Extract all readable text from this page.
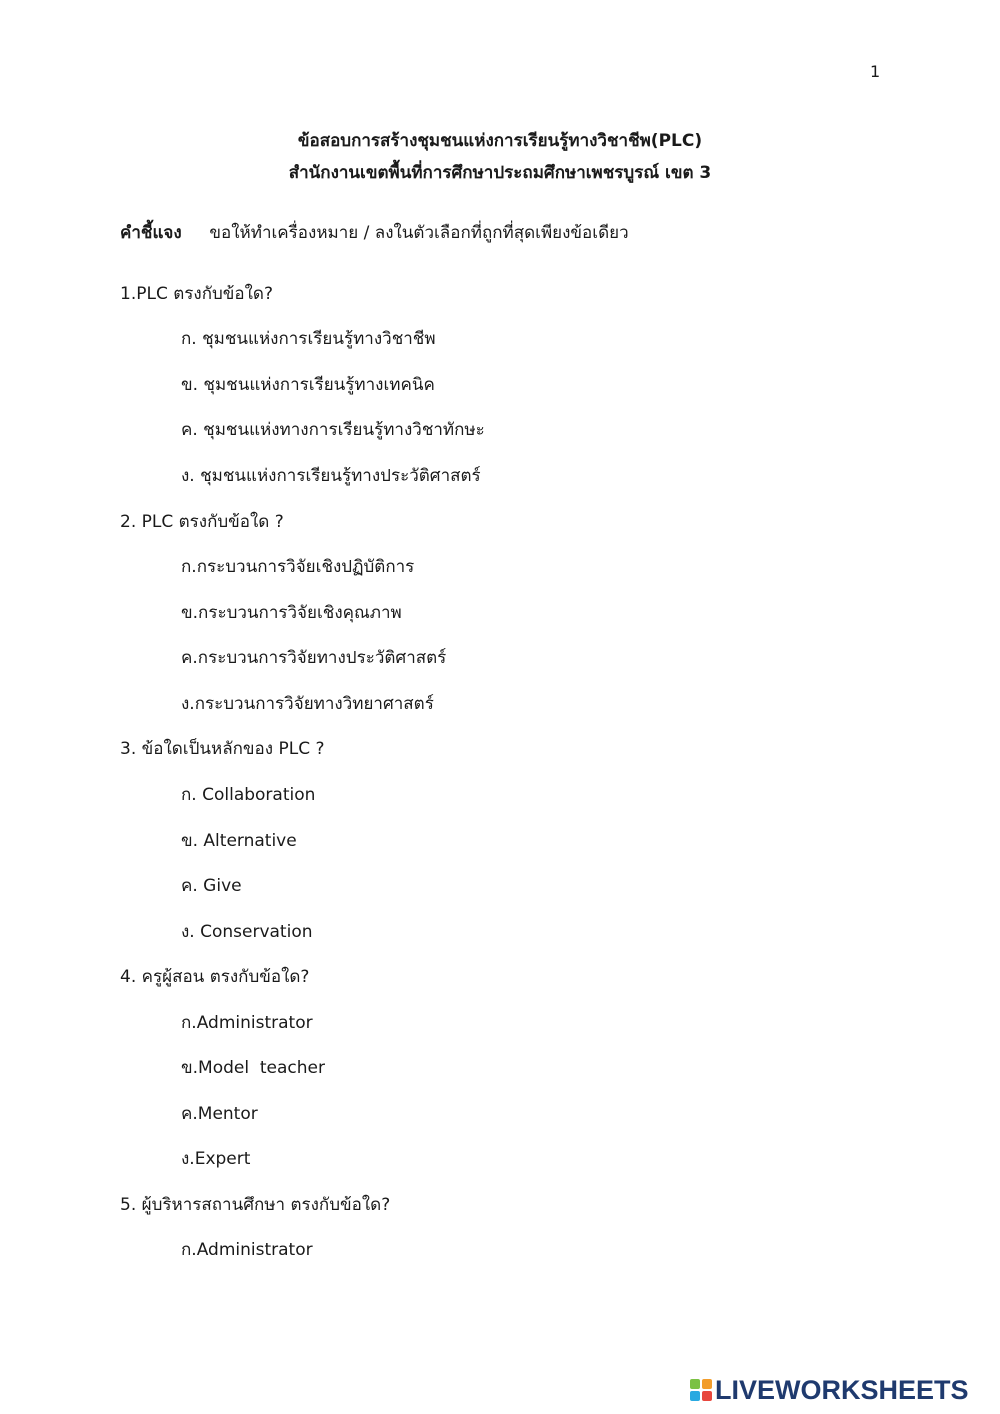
1
ข้อสอบการสร้างชุมชนแห่งการเรียนรู้ทางวิชาชีพ(PLC)
สำนักงานเขตพื้นที่การศึกษาประถมศึกษาเพชรบูรณ์ เขต 3
คำชี้แจง ขอให้ทำเครื่องหมาย / ลงในตัวเลือกที่ถูกที่สุดเพียงข้อเดียว
1.PLC ตรงกับข้อใด?
ก. ชุมชนแห่งการเรียนรู้ทางวิชาชีพ
ข. ชุมชนแห่งการเรียนรู้ทางเทคนิค
ค. ชุมชนแห่งทางการเรียนรู้ทางวิชาทักษะ
ง. ชุมชนแห่งการเรียนรู้ทางประวัติศาสตร์
2. PLC ตรงกับข้อใด ?
ก.กระบวนการวิจัยเชิงปฏิบัติการ
ข.กระบวนการวิจัยเชิงคุณภาพ
ค.กระบวนการวิจัยทางประวัติศาสตร์
ง.กระบวนการวิจัยทางวิทยาศาสตร์
3. ข้อใดเป็นหลักของ PLC ?
ก. Collaboration
ข. Alternative
ค. Give
ง. Conservation
4. ครูผู้สอน ตรงกับข้อใด?
ก.Administrator
ข.Model  teacher
ค.Mentor
ง.Expert
5. ผู้บริหารสถานศึกษา ตรงกับข้อใด?
ก.Administrator
LIVEWORKSHEETS
